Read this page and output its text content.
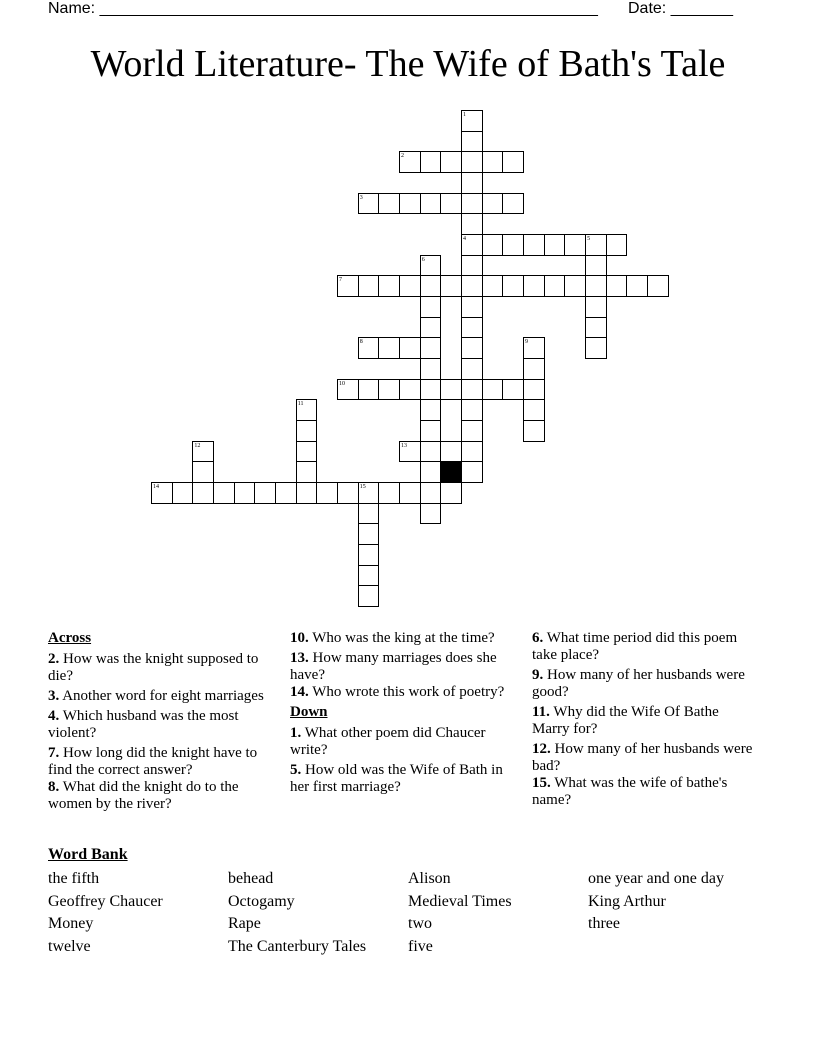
Name: ________________________________________________________ Date: _______
World Literature- The Wife of Bath's Tale
1
2
3
4	5
6
7
8	9
10
11
12	13
14	15
Across
2. How was the knight supposed to die?
3. Another word for eight marriages
4. Which husband was the most violent?
7. How long did the knight have to find the correct answer?
8. What did the knight do to the women by the river?
10. Who was the king at the time?
13. How many marriages does she have?
14. Who wrote this work of poetry?
Down
1. What other poem did Chaucer write?
5. How old was the Wife of Bath in her first marriage?
6. What time period did this poem take place?
9. How many of her husbands were good?
11. Why did the Wife Of Bathe Marry for?
12. How many of her husbands were bad?
15. What was the wife of bathe's name?
Word Bank
the fifth	behead	Alison	one year and one day
Geoffrey Chaucer	Octogamy	Medieval Times	King Arthur
Money	Rape	two	three
twelve	The Canterbury Tales	five
